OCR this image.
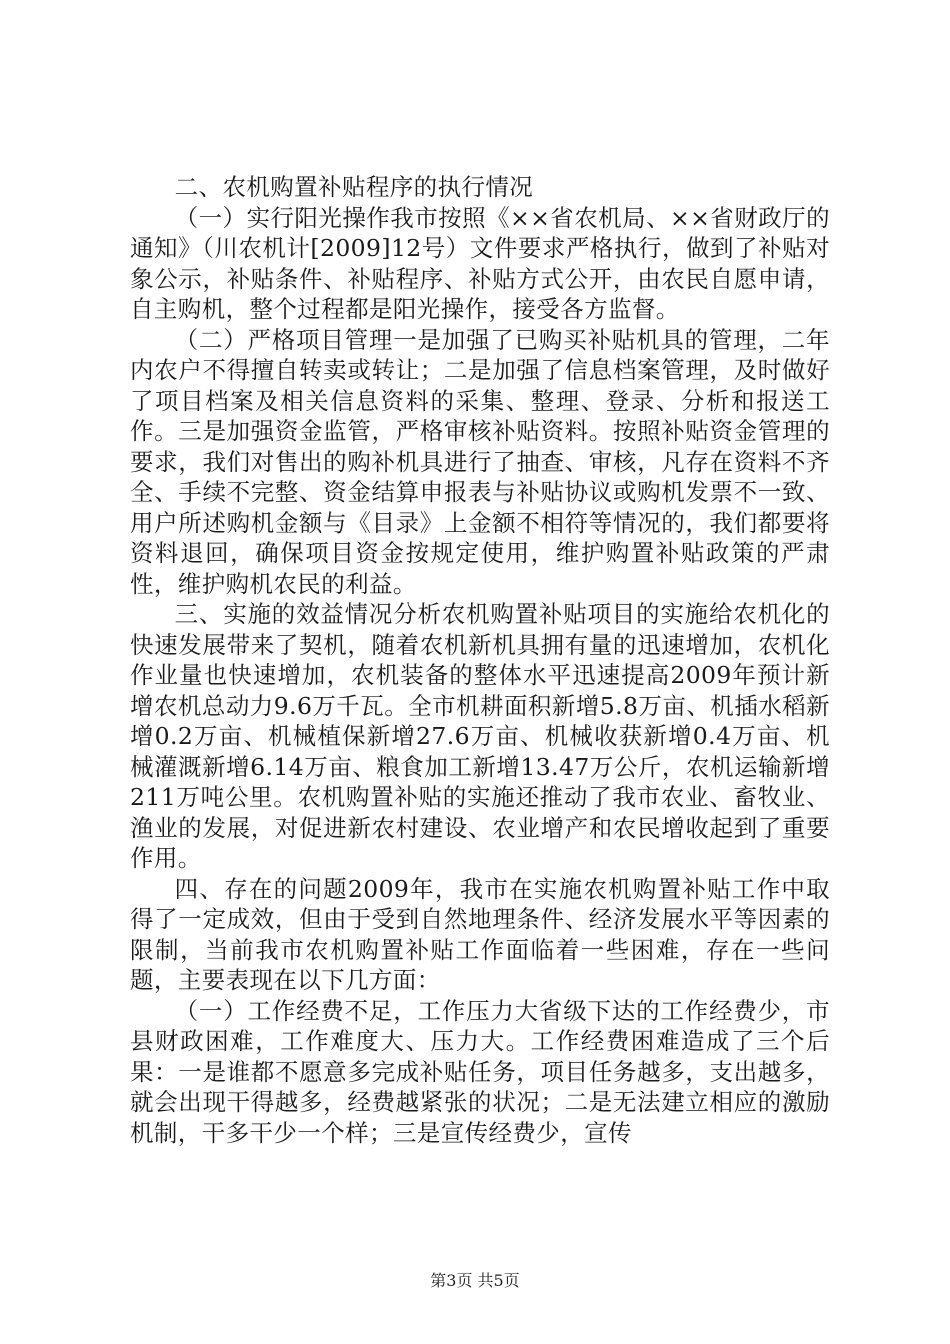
二、农机购置补贴程序的执行情况

（一）实行阳光操作我市按照《××省农机局、××省财政厅的通知》（川农机计[2009]12号）文件要求严格执行，做到了补贴对象公示，补贴条件、补贴程序、补贴方式公开，由农民自愿申请，自主购机，整个过程都是阳光操作，接受各方监督。

（二）严格项目管理一是加强了已购买补贴机具的管理，二年内农户不得擅自转卖或转让；二是加强了信息档案管理，及时做好了项目档案及相关信息资料的采集、整理、登录、分析和报送工作。三是加强资金监管，严格审核补贴资料。按照补贴资金管理的要求，我们对售出的购补机具进行了抽查、审核，凡存在资料不齐全、手续不完整、资金结算申报表与补贴协议或购机发票不一致、用户所述购机金额与《目录》上金额不相符等情况的，我们都要将资料退回，确保项目资金按规定使用，维护购置补贴政策的严肃性，维护购机农民的利益。

三、实施的效益情况分析农机购置补贴项目的实施给农机化的快速发展带来了契机，随着农机新机具拥有量的迅速增加，农机化作业量也快速增加，农机装备的整体水平迅速提高2009年预计新增农机总动力9.6万千瓦。全市机耕面积新增5.8万亩、机插水稻新增0.2万亩、机械植保新增27.6万亩、机械收获新增0.4万亩、机械灌溉新增6.14万亩、粮食加工新增13.47万公斤，农机运输新增211万吨公里。农机购置补贴的实施还推动了我市农业、畜牧业、渔业的发展，对促进新农村建设、农业增产和农民增收起到了重要作用。

四、存在的问题2009年，我市在实施农机购置补贴工作中取得了一定成效，但由于受到自然地理条件、经济发展水平等因素的限制，当前我市农机购置补贴工作面临着一些困难，存在一些问题，主要表现在以下几方面：

（一）工作经费不足，工作压力大省级下达的工作经费少，市县财政困难，工作难度大、压力大。工作经费困难造成了三个后果：一是谁都不愿意多完成补贴任务，项目任务越多，支出越多，就会出现干得越多，经费越紧张的状况；二是无法建立相应的激励机制，干多干少一个样；三是宣传经费少，宣传

第3页 共5页
